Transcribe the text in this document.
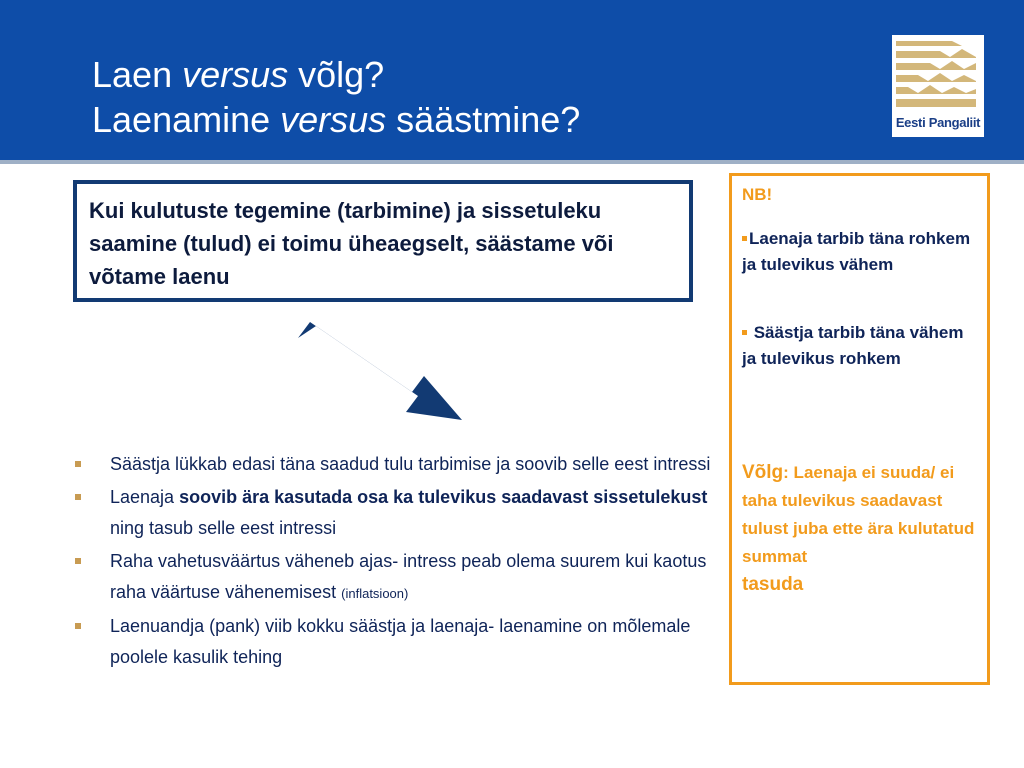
Laen versus võlg?
Laenamine versus säästmine?	Eesti Pangaliit
Kui kulutuste tegemine (tarbimine) ja sissetuleku saamine (tulud) ei toimu üheaegselt, säästame või võtame laenu
Säästja lükkab edasi täna saadud tulu tarbimise ja soovib selle eest intressi
Laenaja soovib ära kasutada osa ka tulevikus saadavast sissetulekust ning tasub selle eest intressi
Raha vahetusväärtus väheneb ajas- intress peab olema suurem kui kaotus raha väärtuse vähenemisest (inflatsioon)
Laenuandja (pank) viib kokku säästja ja laenaja- laenamine on mõlemale poolele kasulik tehing
NB!
Laenaja tarbib täna rohkem ja tulevikus vähem
Säästja tarbib täna vähem ja tulevikus rohkem
Võlg: Laenaja ei suuda/ ei taha tulevikus saadavast tulust juba ette ära kulutatud summat
tasuda
